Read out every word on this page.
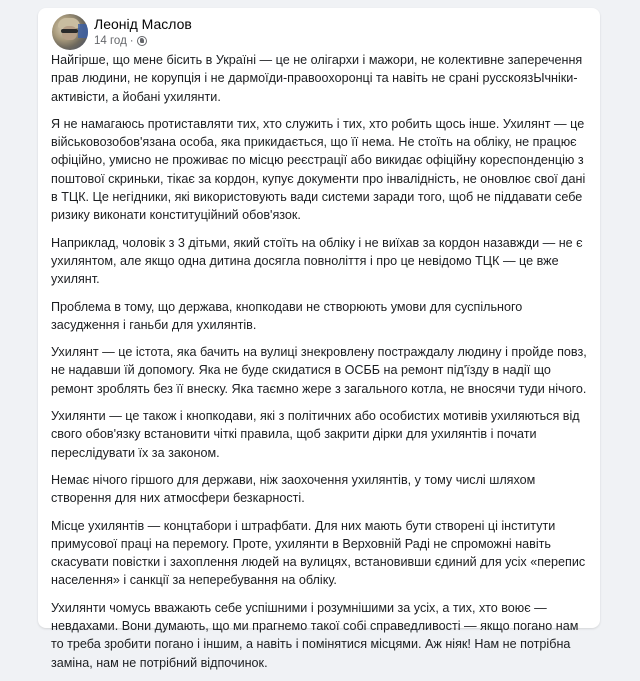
Леонід Маслов
14 год ·

Найгірше, що мене бісить в Україні — це не олігархи і мажори, не колективне заперечення прав людини, не корупція і не дармоїди-правоохоронці та навіть не срані русскоязЫчніки-активісти, а йобані ухилянти.

Я не намагаюсь протиставляти тих, хто служить і тих, хто робить щось інше. Ухилянт — це військовозобов'язана особа, яка прикидається, що її нема. Не стоїть на обліку, не працює офіційно, умисно не проживає по місцю реєстрації або викидає офіційну кореспонденцію з поштової скриньки, тікає за кордон, купує документи про інвалідність, не оновлює свої дані в ТЦК. Це негідники, які використовують вади системи заради того, щоб не піддавати себе ризику виконати конституційний обов'язок.

Наприклад, чоловік з 3 дітьми, який стоїть на обліку і не виїхав за кордон назавжди — не є ухилянтом, але якщо одна дитина досягла повноліття і про це невідомо ТЦК — це вже ухилянт.

Проблема в тому, що держава, кнопкодави не створюють умови для суспільного засудження і ганьби для ухилянтів.

Ухилянт — це істота, яка бачить на вулиці знекровлену постраждалу людину і пройде повз, не надавши їй допомогу. Яка не буде скидатися в ОСББ на ремонт під'їзду в надії що ремонт зроблять без її внеску. Яка таємно жере з загального котла, не вносячи туди нічого.

Ухилянти — це також і кнопкодави, які з політичних або особистих мотивів ухиляються від свого обов'язку встановити чіткі правила, щоб закрити дірки для ухилянтів і почати переслідувати їх за законом.

Немає нічого гіршого для держави, ніж заохочення ухилянтів, у тому числі шляхом створення для них атмосфери безкарності.

Місце ухилянтів — концтабори і штрафбати. Для них мають бути створені ці інститути примусової праці на перемогу. Проте, ухилянти в Верховній Раді не спроможні навіть скасувати повістки і захоплення людей на вулицях, встановивши єдиний для усіх «перепис населення» і санкції за неперебування на обліку.

Ухилянти чомусь вважають себе успішними і розумнішими за усіх, а тих, хто воює — невдахами. Вони думають, що ми прагнемо такої собі справедливості — якщо погано нам то треба зробити погано і іншим, а навіть і помінятися місцями. Аж ніяк! Нам не потрібна заміна, нам не потрібний відпочинок.
